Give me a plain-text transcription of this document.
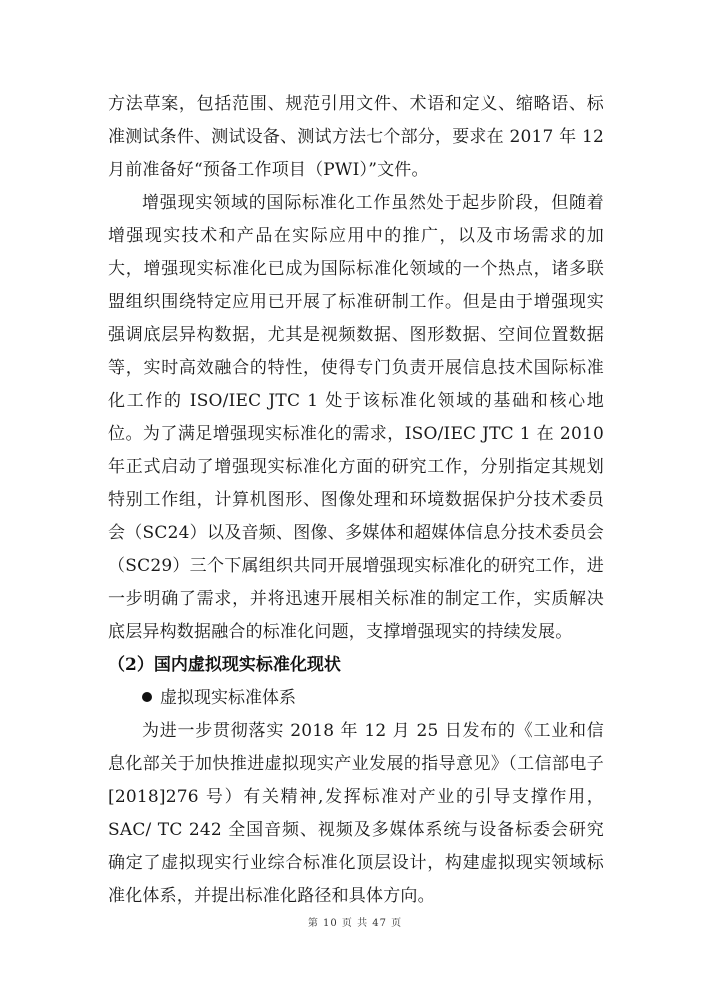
方法草案，包括范围、规范引用文件、术语和定义、缩略语、标准测试条件、测试设备、测试方法七个部分，要求在 2017 年 12 月前准备好“预备工作项目（PWI）”文件。

增强现实领域的国际标准化工作虽然处于起步阶段，但随着增强现实技术和产品在实际应用中的推广，以及市场需求的加大，增强现实标准化已成为国际标准化领域的一个热点，诸多联盟组织围绕特定应用已开展了标准研制工作。但是由于增强现实强调底层异构数据，尤其是视频数据、图形数据、空间位置数据等，实时高效融合的特性，使得专门负责开展信息技术国际标准化工作的 ISO/IEC JTC 1 处于该标准化领域的基础和核心地位。为了满足增强现实标准化的需求，ISO/IEC JTC 1 在 2010 年正式启动了增强现实标准化方面的研究工作，分别指定其规划特别工作组，计算机图形、图像处理和环境数据保护分技术委员会（SC24）以及音频、图像、多媒体和超媒体信息分技术委员会（SC29）三个下属组织共同开展增强现实标准化的研究工作，进一步明确了需求，并将迅速开展相关标准的制定工作，实质解决底层异构数据融合的标准化问题，支撑增强现实的持续发展。

（2）国内虚拟现实标准化现状

虚拟现实标准体系

为进一步贯彻落实 2018 年 12 月 25 日发布的《工业和信息化部关于加快推进虚拟现实产业发展的指导意见》（工信部电子[2018]276 号）有关精神,发挥标准对产业的引导支撑作用，SAC/ TC 242 全国音频、视频及多媒体系统与设备标委会研究确定了虚拟现实行业综合标准化顶层设计，构建虚拟现实领域标准化体系，并提出标准化路径和具体方向。

第 10 页 共 47 页
